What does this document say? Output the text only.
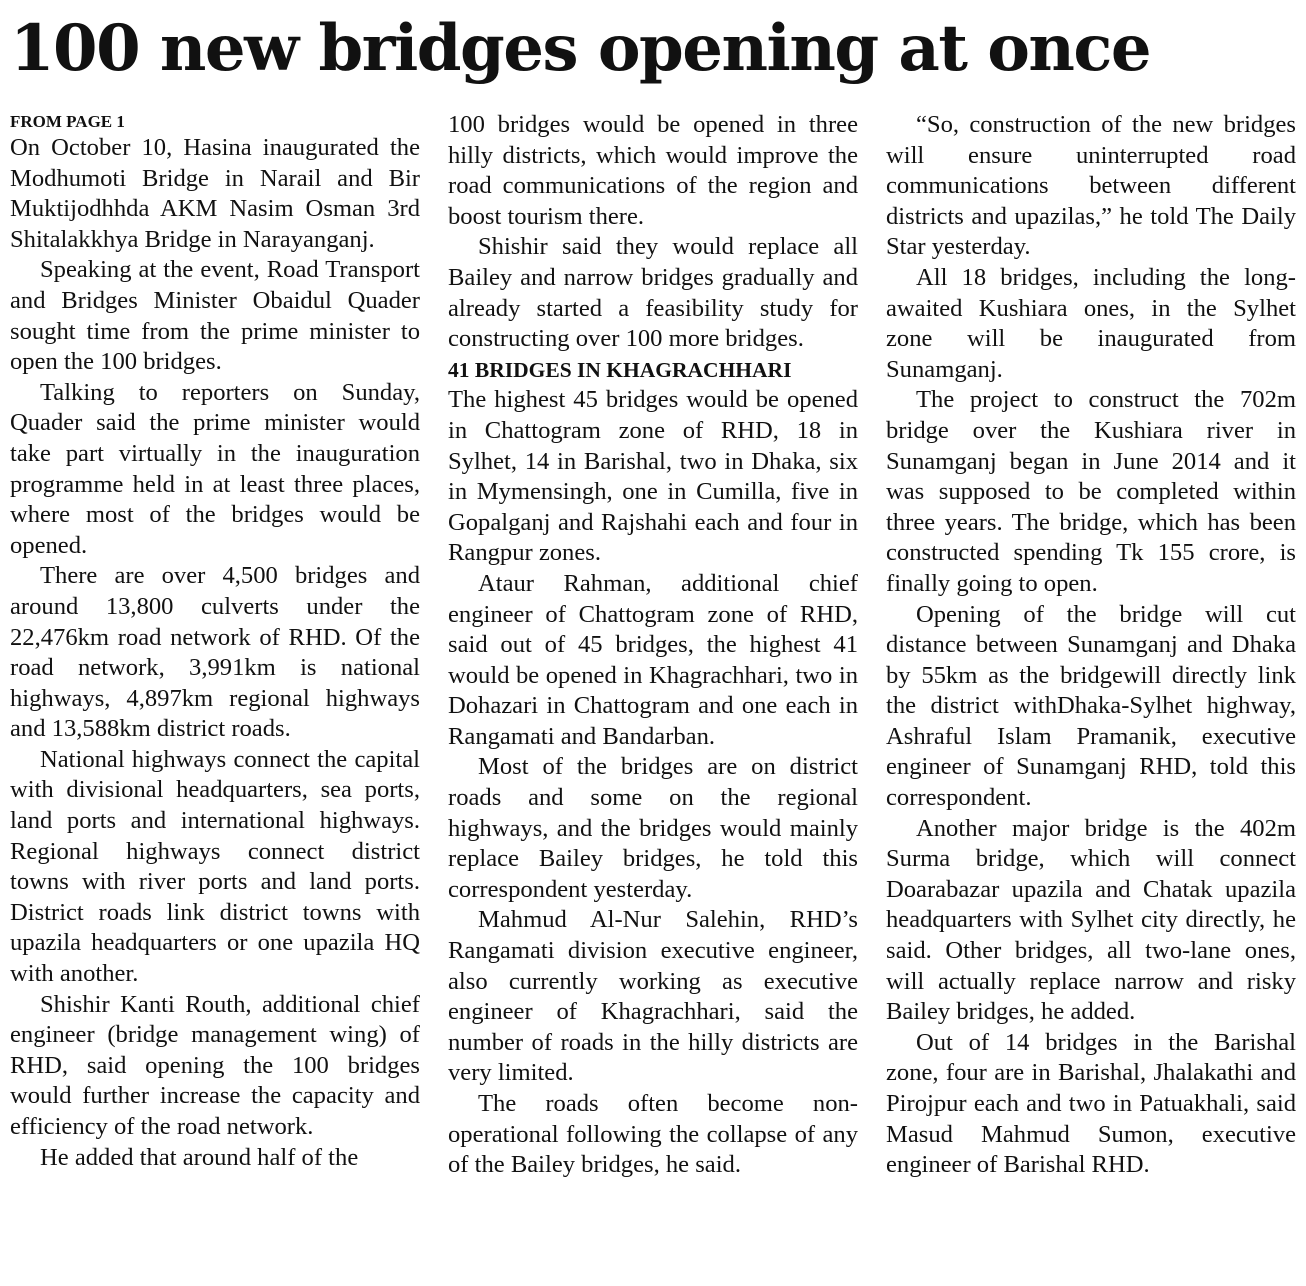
100 new bridges opening at once
FROM PAGE 1

On October 10, Hasina inaugurated the Modhumoti Bridge in Narail and Bir Muktijodhhda AKM Nasim Osman 3rd Shitalakkhya Bridge in Narayanganj.

Speaking at the event, Road Transport and Bridges Minister Obaidul Quader sought time from the prime minister to open the 100 bridges.

Talking to reporters on Sunday, Quader said the prime minister would take part virtually in the inauguration programme held in at least three places, where most of the bridges would be opened.

There are over 4,500 bridges and around 13,800 culverts under the 22,476km road network of RHD. Of the road network, 3,991km is national highways, 4,897km regional highways and 13,588km district roads.

National highways connect the capital with divisional headquarters, sea ports, land ports and international highways. Regional highways connect district towns with river ports and land ports. District roads link district towns with upazila headquarters or one upazila HQ with another.

Shishir Kanti Routh, additional chief engineer (bridge management wing) of RHD, said opening the 100 bridges would further increase the capacity and efficiency of the road network.

He added that around half of the

100 bridges would be opened in three hilly districts, which would improve the road communications of the region and boost tourism there.

Shishir said they would replace all Bailey and narrow bridges gradually and already started a feasibility study for constructing over 100 more bridges.

41 BRIDGES IN KHAGRACHHARI

The highest 45 bridges would be opened in Chattogram zone of RHD, 18 in Sylhet, 14 in Barishal, two in Dhaka, six in Mymensingh, one in Cumilla, five in Gopalganj and Rajshahi each and four in Rangpur zones.

Ataur Rahman, additional chief engineer of Chattogram zone of RHD, said out of 45 bridges, the highest 41 would be opened in Khagrachhari, two in Dohazari in Chattogram and one each in Rangamati and Bandarban.

Most of the bridges are on district roads and some on the regional highways, and the bridges would mainly replace Bailey bridges, he told this correspondent yesterday.

Mahmud Al-Nur Salehin, RHD’s Rangamati division executive engineer, also currently working as executive engineer of Khagrachhari, said the number of roads in the hilly districts are very limited.

The roads often become non-operational following the collapse of any of the Bailey bridges, he said.

“So, construction of the new bridges will ensure uninterrupted road communications between different districts and upazilas,” he told The Daily Star yesterday.

All 18 bridges, including the long-awaited Kushiara ones, in the Sylhet zone will be inaugurated from Sunamganj.

The project to construct the 702m bridge over the Kushiara river in Sunamganj began in June 2014 and it was supposed to be completed within three years. The bridge, which has been constructed spending Tk 155 crore, is finally going to open.

Opening of the bridge will cut distance between Sunamganj and Dhaka by 55km as the bridgewill directly link the district withDhaka-Sylhet highway, Ashraful Islam Pramanik, executive engineer of Sunamganj RHD, told this correspondent.

Another major bridge is the 402m Surma bridge, which will connect Doarabazar upazila and Chatak upazila headquarters with Sylhet city directly, he said. Other bridges, all two-lane ones, will actually replace narrow and risky Bailey bridges, he added.

Out of 14 bridges in the Barishal zone, four are in Barishal, Jhalakathi and Pirojpur each and two in Patuakhali, said Masud Mahmud Sumon, executive engineer of Barishal RHD.
